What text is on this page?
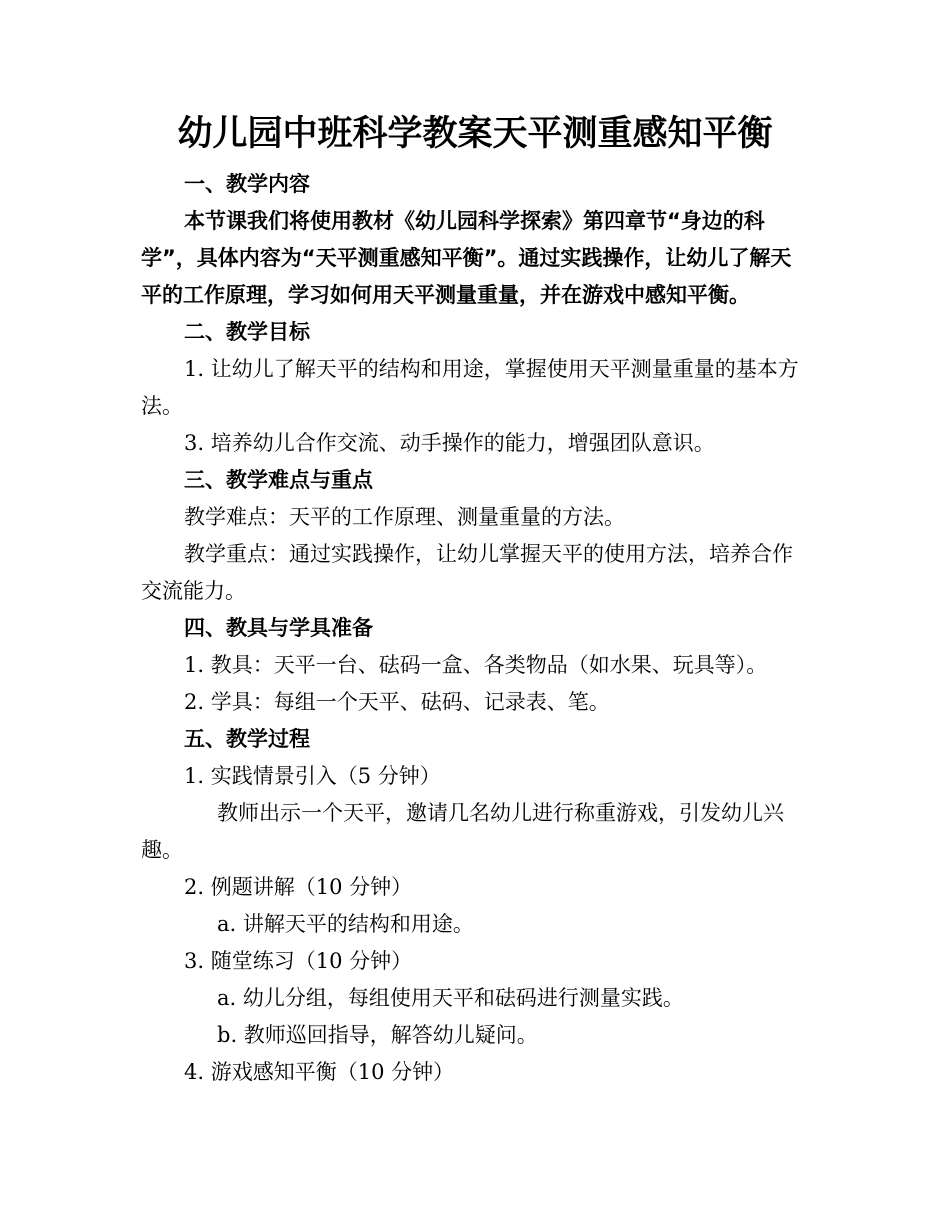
幼儿园中班科学教案天平测重感知平衡

一、教学内容

本节课我们将使用教材《幼儿园科学探索》第四章节“身边的科学”，具体内容为“天平测重感知平衡”。通过实践操作，让幼儿了解天平的工作原理，学习如何用天平测量重量，并在游戏中感知平衡。

二、教学目标

1. 让幼儿了解天平的结构和用途，掌握使用天平测量重量的基本方法。

3. 培养幼儿合作交流、动手操作的能力，增强团队意识。

三、教学难点与重点

教学难点：天平的工作原理、测量重量的方法。

教学重点：通过实践操作，让幼儿掌握天平的使用方法，培养合作交流能力。

四、教具与学具准备

1. 教具：天平一台、砝码一盒、各类物品（如水果、玩具等）。

2. 学具：每组一个天平、砝码、记录表、笔。

五、教学过程

1. 实践情景引入（5 分钟）

教师出示一个天平，邀请几名幼儿进行称重游戏，引发幼儿兴趣。

2. 例题讲解（10 分钟）

a. 讲解天平的结构和用途。

3. 随堂练习（10 分钟）

a. 幼儿分组，每组使用天平和砝码进行测量实践。

b. 教师巡回指导，解答幼儿疑问。

4. 游戏感知平衡（10 分钟）
